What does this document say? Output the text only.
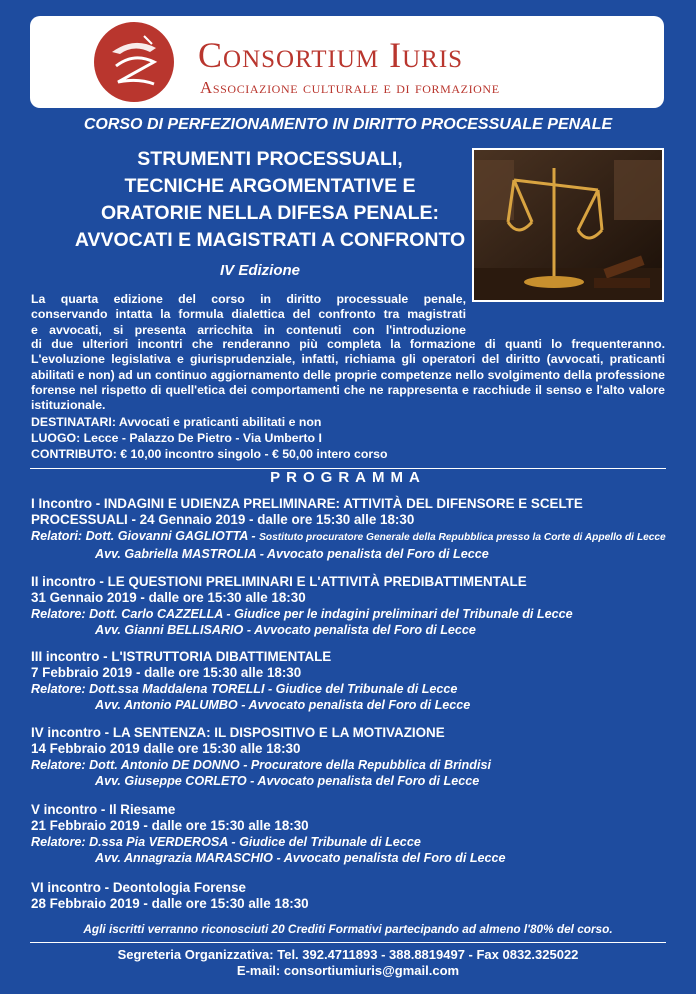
Consortium Iuris
Associazione culturale e di formazione
CORSO DI PERFEZIONAMENTO IN DIRITTO PROCESSUALE PENALE
STRUMENTI PROCESSUALI,
TECNICHE ARGOMENTATIVE E
ORATORIE NELLA DIFESA PENALE:
AVVOCATI E MAGISTRATI A CONFRONTO
IV Edizione
La quarta edizione del corso in diritto processuale penale,
conservando intatta la formula dialettica del confronto tra magistrati
e avvocati, si presenta arricchita in contenuti con l'introduzione
di due ulteriori incontri che renderanno più completa la formazione di quanti lo frequenteranno. L'evoluzione legislativa e giurisprudenziale, infatti, richiama gli operatori del diritto (avvocati, praticanti abilitati e non) ad un continuo aggiornamento delle proprie competenze nello svolgimento della professione forense nel rispetto di quell'etica dei comportamenti che ne rappresenta e racchiude il senso e l'alto valore istituzionale.
DESTINATARI: Avvocati e praticanti abilitati e non
LUOGO: Lecce - Palazzo De Pietro - Via Umberto I
CONTRIBUTO: € 10,00 incontro singolo - € 50,00 intero corso
PROGRAMMA
I Incontro - INDAGINI E UDIENZA PRELIMINARE: ATTIVITÀ DEL DIFENSORE E SCELTE
PROCESSUALI - 24 Gennaio 2019 - dalle ore 15:30 alle 18:30
Relatori: Dott. Giovanni GAGLIOTTA - Sostituto procuratore Generale della Repubblica presso la Corte di Appello di Lecce
Avv. Gabriella MASTROLIA - Avvocato penalista del Foro di Lecce
II incontro - LE QUESTIONI PRELIMINARI E L'ATTIVITÀ PREDIBATTIMENTALE
31 Gennaio 2019 - dalle ore 15:30 alle 18:30
Relatore: Dott. Carlo CAZZELLA - Giudice per le indagini preliminari del Tribunale di Lecce
Avv. Gianni BELLISARIO - Avvocato penalista del Foro di Lecce
III incontro - L'ISTRUTTORIA DIBATTIMENTALE
7 Febbraio 2019 - dalle ore 15:30 alle 18:30
Relatore: Dott.ssa Maddalena TORELLI - Giudice del Tribunale di Lecce
Avv. Antonio PALUMBO - Avvocato penalista del Foro di Lecce
IV incontro - LA SENTENZA: IL DISPOSITIVO E LA MOTIVAZIONE
14 Febbraio 2019 dalle ore 15:30 alle 18:30
Relatore: Dott. Antonio DE DONNO - Procuratore della Repubblica di Brindisi
Avv. Giuseppe CORLETO - Avvocato penalista del Foro di Lecce
V incontro - Il Riesame
21 Febbraio 2019 - dalle ore 15:30 alle 18:30
Relatore: D.ssa Pia VERDEROSA - Giudice del Tribunale di Lecce
Avv. Annagrazia MARASCHIO - Avvocato penalista del Foro di Lecce
VI incontro - Deontologia Forense
28 Febbraio 2019 - dalle ore 15:30 alle 18:30
Agli iscritti verranno riconosciuti 20 Crediti Formativi partecipando ad almeno l'80% del corso.
Segreteria Organizzativa: Tel. 392.4711893 - 388.8819497 - Fax 0832.325022
E-mail: consortiumiuris@gmail.com
